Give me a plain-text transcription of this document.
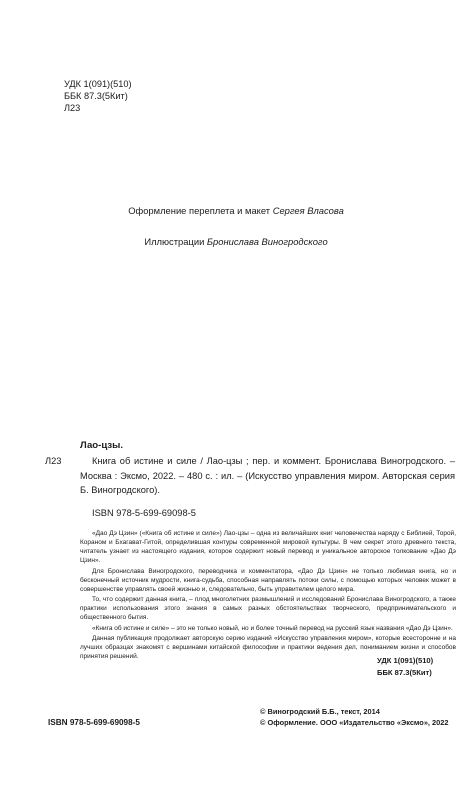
УДК 1(091)(510)
ББК 87.3(5Кит)
Л23
Оформление переплета и макет Сергея Власова
Иллюстрации Бронислава Виногродского
Лао-цзы.
Л23	Книга об истине и силе / Лао-цзы ; пер. и коммент. Бронислава Виногродского. – Москва : Эксмо, 2022. – 480 с. : ил. – (Искусство управления миром. Авторская серия Б. Виногродского).
ISBN 978-5-699-69098-5

«Дао Дэ Цзин» («Книга об истине и силе») Лао-цзы – одна из величайших книг человечества наряду с Библией, Торой, Кораном и Бхагават-Гитой, определившая контуры современной мировой культуры. В чем секрет этого древнего текста, читатель узнает из настоящего издания, которое содержит новый перевод и уникальное авторское толкование «Дао Дэ Цзин».

Для Бронислава Виногродского, переводчика и комментатора, «Дао Дэ Цзин» не только любимая книга, но и бесконечный источник мудрости, книга-судьба, способная направлять потоки силы, с помощью которых человек может в совершенстве управлять своей жизнью и, следовательно, быть управителем целого мира.

То, что содержит данная книга, – плод многолетних размышлений и исследований Бронислава Виногродского, а также практики использования этого знания в самых разных обстоятельствах творческого, предпринимательского и общественного бытия.

«Книга об истине и силе» – это не только новый, но и более точный перевод на русский язык названия «Дао Дэ Цзин».

Данная публикация продолжает авторскую серию изданий «Искусство управления миром», которые всесторонне и на лучших образцах знакомят с вершинами китайской философии и практики ведения дел, пониманием жизни и способов принятия решений.	УДК 1(091)(510)
ББК 87.3(5Кит)
ISBN 978-5-699-69098-5
© Виногродский Б.Б., текст, 2014
© Оформление. ООО «Издательство «Эксмо», 2022
